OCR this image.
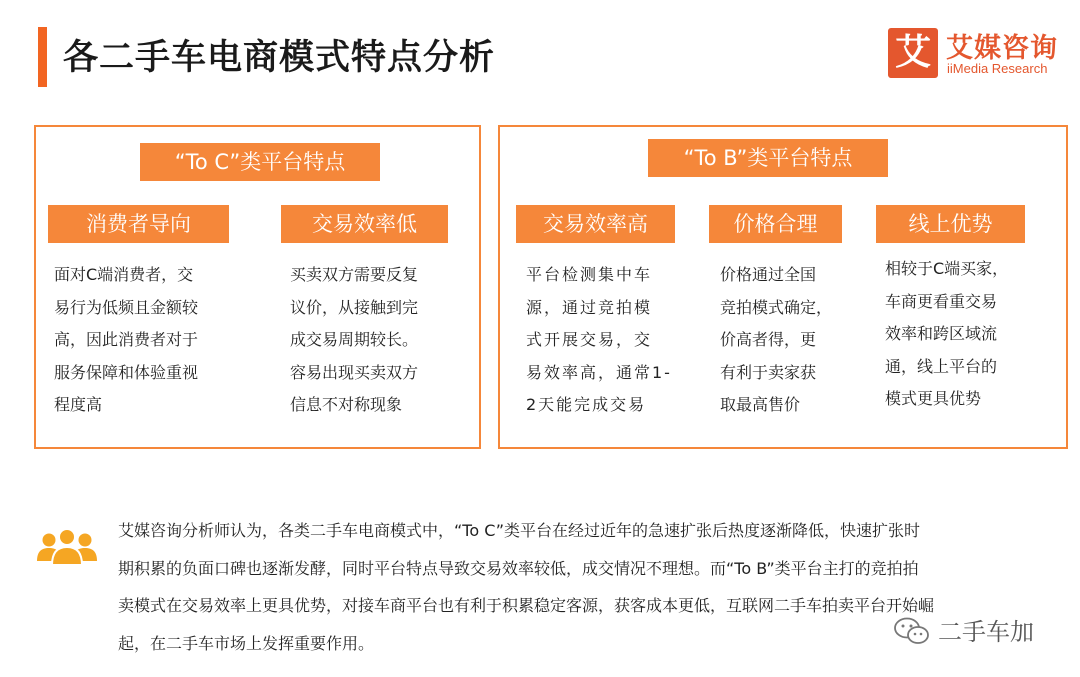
各二手车电商模式特点分析	艾 艾媒咨询
iiMedia Research
“To C”类平台特点
消费者导向
面对C端消费者，交
易行为低频且金额较
高，因此消费者对于
服务保障和体验重视
程度高
交易效率低
买卖双方需要反复
议价，从接触到完
成交易周期较长。
容易出现买卖双方
信息不对称现象
“To B”类平台特点
交易效率高
平台检测集中车
源，通过竞拍模
式开展交易，交
易效率高，通常1-
2天能完成交易
价格合理
价格通过全国
竞拍模式确定，
价高者得，更
有利于卖家获
取最高售价
线上优势
相较于C端买家，
车商更看重交易
效率和跨区域流
通，线上平台的
模式更具优势
艾媒咨询分析师认为，各类二手车电商模式中，“To C”类平台在经过近年的急速扩张后热度逐渐降低，快速扩张时
期积累的负面口碑也逐渐发酵，同时平台特点导致交易效率较低，成交情况不理想。而“To B”类平台主打的竞拍拍
卖模式在交易效率上更具优势，对接车商平台也有利于积累稳定客源，获客成本更低，互联网二手车拍卖平台开始崛
起，在二手车市场上发挥重要作用。	二手车加
